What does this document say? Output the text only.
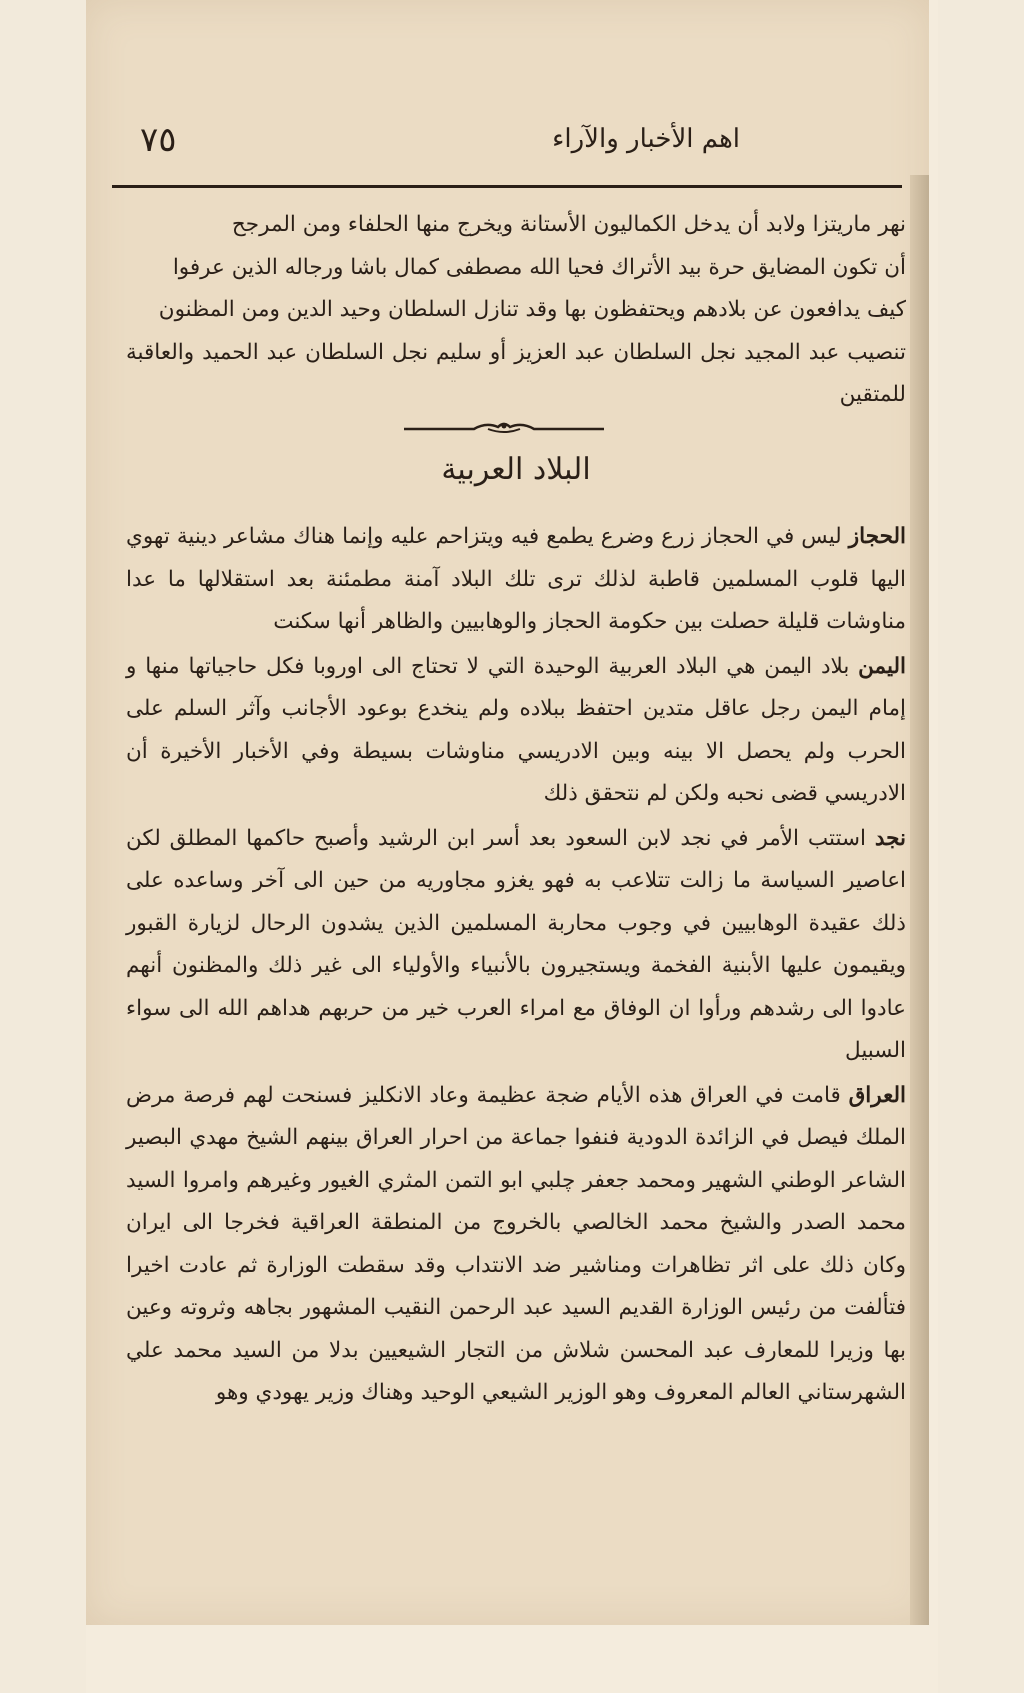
٧٥	اهم الأخبار والآراء

نهر ماريتزا ولابد أن يدخل الكماليون الأستانة ويخرج منها الحلفاء ومن المرجح

أن تكون المضايق حرة بيد الأتراك فحيا الله مصطفى كمال باشا ورجاله الذين عرفوا

كيف يدافعون عن بلادهم ويحتفظون بها وقد تنازل السلطان وحيد الدين ومن المظنون

تنصيب عبد المجيد نجل السلطان عبد العزيز أو سليم نجل السلطان عبد الحميد والعاقبة للمتقين

البلاد العربية

الحجاز ليس في الحجاز زرع وضرع يطمع فيه ويتزاحم عليه وإنما هناك مشاعر دينية تهوي اليها قلوب المسلمين قاطبة لذلك ترى تلك البلاد آمنة مطمئنة بعد استقلالها ما عدا مناوشات قليلة حصلت بين حكومة الحجاز والوهابيين والظاهر أنها سكنت

اليمن بلاد اليمن هي البلاد العربية الوحيدة التي لا تحتاج الى اوروبا فكل حاجياتها منها و إمام اليمن رجل عاقل متدين احتفظ ببلاده ولم ينخدع بوعود الأجانب وآثر السلم على الحرب ولم يحصل الا بينه وبين الادريسي مناوشات بسيطة وفي الأخبار الأخيرة أن الادريسي قضى نحبه ولكن لم نتحقق ذلك

نجد استتب الأمر في نجد لابن السعود بعد أسر ابن الرشيد وأصبح حاكمها المطلق لكن اعاصير السياسة ما زالت تتلاعب به فهو يغزو مجاوريه من حين الى آخر وساعده على ذلك عقيدة الوهابيين في وجوب محاربة المسلمين الذين يشدون الرحال لزيارة القبور ويقيمون عليها الأبنية الفخمة ويستجيرون بالأنبياء والأولياء الى غير ذلك والمظنون أنهم عادوا الى رشدهم ورأوا ان الوفاق مع امراء العرب خير من حربهم هداهم الله الى سواء السبيل

العراق قامت في العراق هذه الأيام ضجة عظيمة وعاد الانكليز فسنحت لهم فرصة مرض الملك فيصل في الزائدة الدودية فنفوا جماعة من احرار العراق بينهم الشيخ مهدي البصير الشاعر الوطني الشهير ومحمد جعفر چلبي ابو التمن المثري الغيور وغيرهم وامروا السيد محمد الصدر والشيخ محمد الخالصي بالخروج من المنطقة العراقية فخرجا الى ايران وكان ذلك على اثر تظاهرات ومناشير ضد الانتداب وقد سقطت الوزارة ثم عادت اخيرا فتألفت من رئيس الوزارة القديم السيد عبد الرحمن النقيب المشهور بجاهه وثروته وعين بها وزيرا للمعارف عبد المحسن شلاش من التجار الشيعيين بدلا من السيد محمد علي الشهرستاني العالم المعروف وهو الوزير الشيعي الوحيد وهناك وزير يهودي وهو
